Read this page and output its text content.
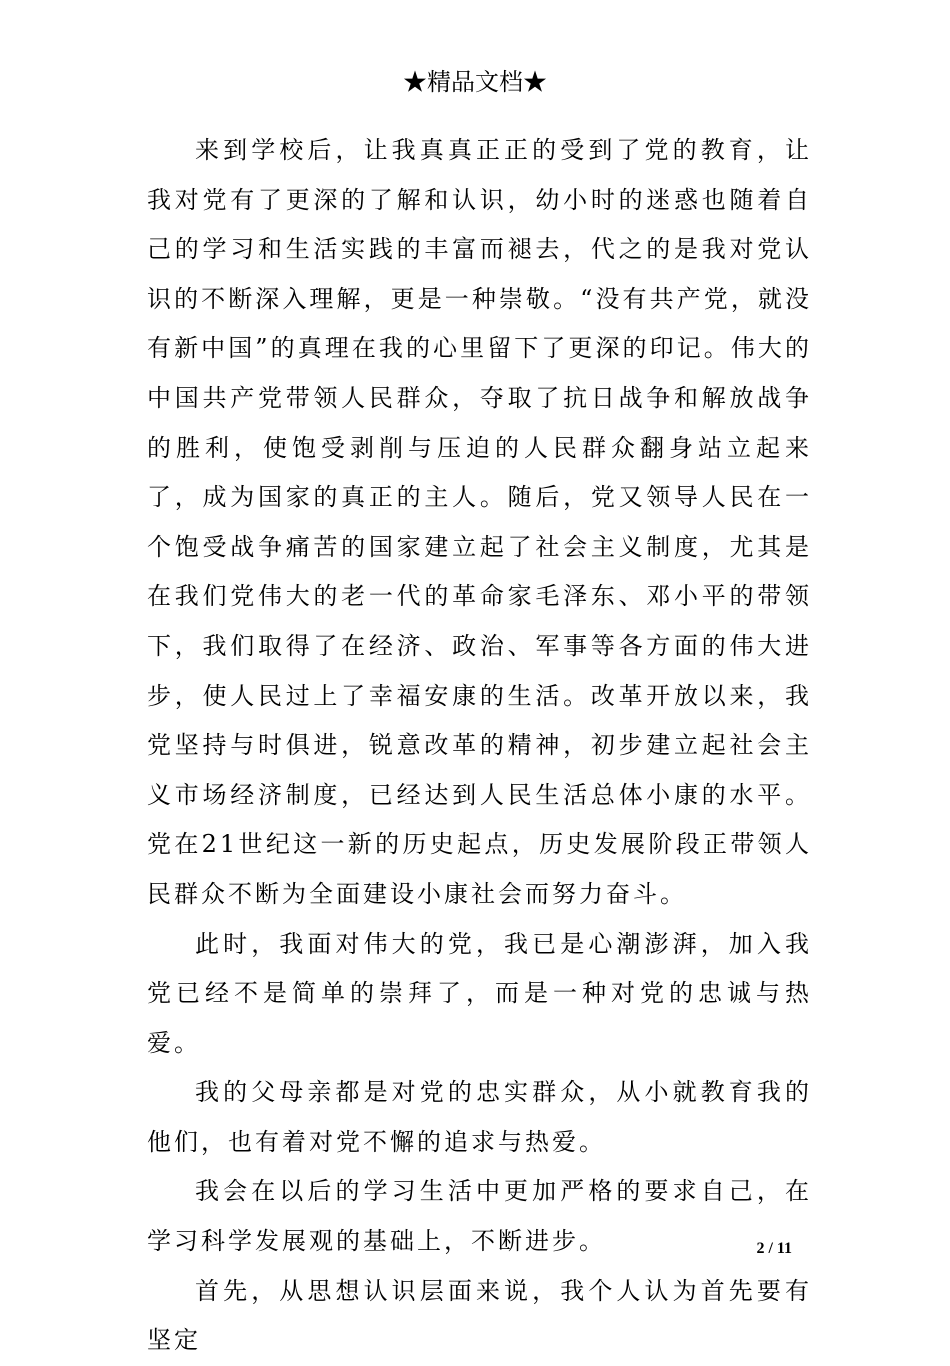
★精品文档★

来到学校后，让我真真正正的受到了党的教育，让我对党有了更深的了解和认识，幼小时的迷惑也随着自己的学习和生活实践的丰富而褪去，代之的是我对党认识的不断深入理解，更是一种崇敬。“没有共产党，就没有新中国”的真理在我的心里留下了更深的印记。伟大的中国共产党带领人民群众，夺取了抗日战争和解放战争的胜利，使饱受剥削与压迫的人民群众翻身站立起来了，成为国家的真正的主人。随后，党又领导人民在一个饱受战争痛苦的国家建立起了社会主义制度，尤其是在我们党伟大的老一代的革命家毛泽东、邓小平的带领下，我们取得了在经济、政治、军事等各方面的伟大进步，使人民过上了幸福安康的生活。改革开放以来，我党坚持与时俱进，锐意改革的精神，初步建立起社会主义市场经济制度，已经达到人民生活总体小康的水平。党在21世纪这一新的历史起点，历史发展阶段正带领人民群众不断为全面建设小康社会而努力奋斗。

此时，我面对伟大的党，我已是心潮澎湃，加入我党已经不是简单的崇拜了，而是一种对党的忠诚与热爱。

我的父母亲都是对党的忠实群众，从小就教育我的他们，也有着对党不懈的追求与热爱。

我会在以后的学习生活中更加严格的要求自己，在学习科学发展观的基础上，不断进步。

首先，从思想认识层面来说，我个人认为首先要有坚定

2 / 11
